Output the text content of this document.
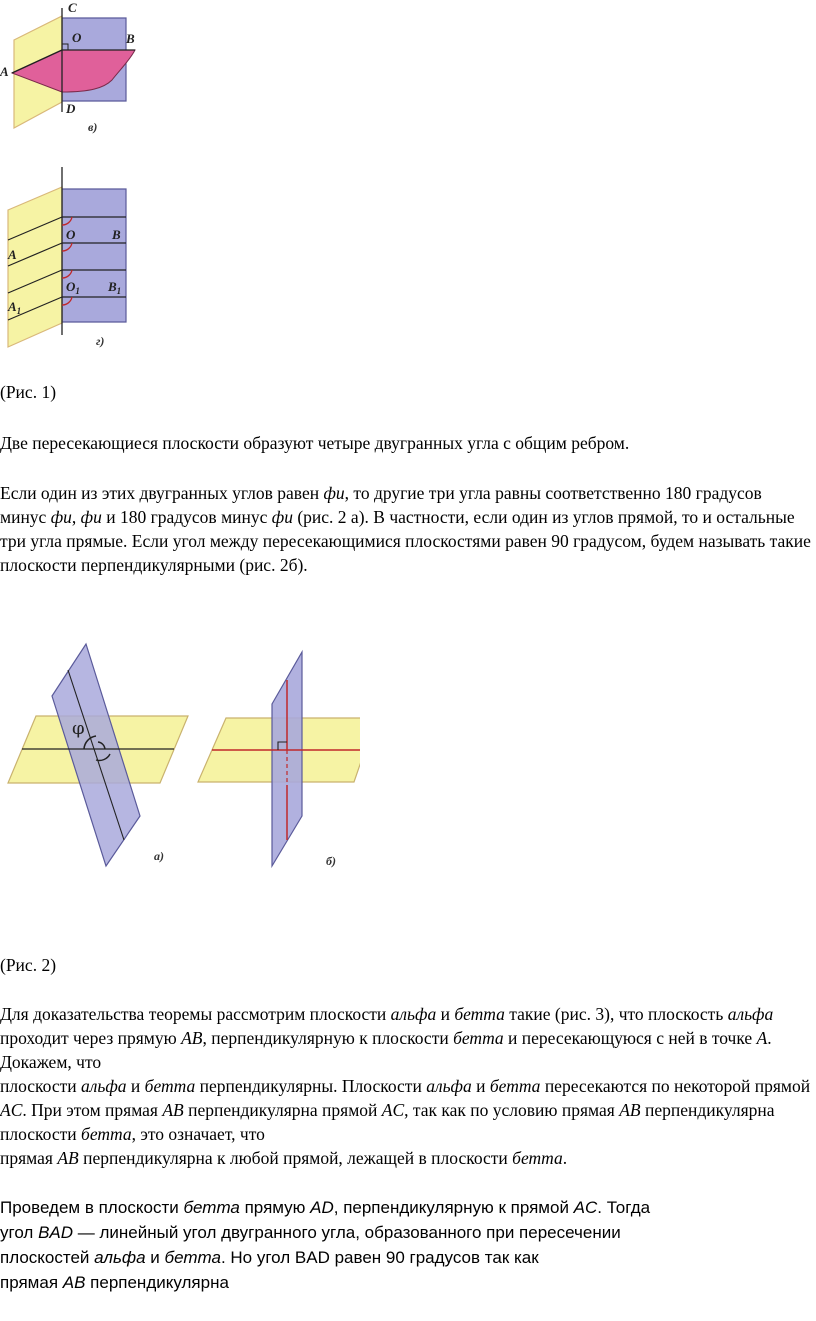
C
O	B
A
D
в)
O	B
A
$O_1$ $B_1$
$A_1$
г)
(Рис. 1)
Две пересекающиеся плоскости образуют четыре двугранных угла с общим ребром.

Если один из этих двугранных углов равен фи, то другие три угла равны соответственно 180 градусов минус фи, фи и 180 градусов минус фи (рис. 2 а). В частности, если один из углов прямой, то и остальные три угла прямые. Если угол между пересекающимися плоскостями равен 90 градусом, будем называть такие плоскости перпендикулярными (рис. 2б).

φ
а)	б)
(Рис. 2)

Для доказательства теоремы рассмотрим плоскости альфа и бетта такие (рис. 3), что плоскость альфа проходит через прямую AB, перпендикулярную к плоскости бетта и пересекающуюся с ней в точке A. Докажем, что

плоскости альфа и бетта перпендикулярны. Плоскости альфа и бетта пересекаются по некоторой прямой AC. При этом прямая AB перпендикулярна прямой AC, так как по условию прямая AB перпендикулярна плоскости бетта, это означает, что

прямая AB перпендикулярна к любой прямой, лежащей в плоскости бетта.

Проведем в плоскости бетта прямую AD, перпендикулярную к прямой AC. Тогда

угол BAD — линейный угол двугранного угла, образованного при пересечении

плоскостей альфа и бетта. Но угол BAD равен 90 градусов так как

прямая AB перпендикулярна
